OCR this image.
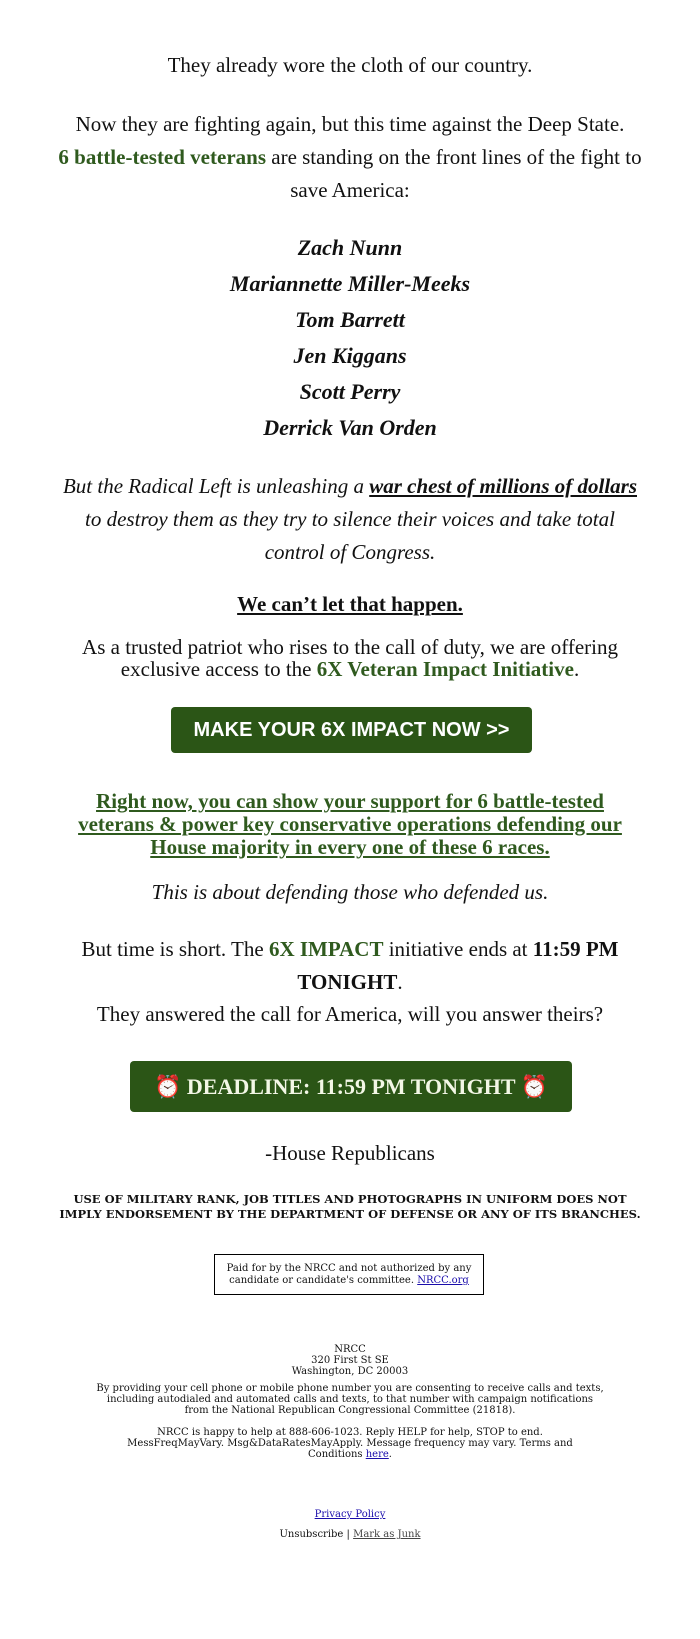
They already wore the cloth of our country.
Now they are fighting again, but this time against the Deep State.
6 battle-tested veterans are standing on the front lines of the fight to save America:
Zach Nunn
Mariannette Miller-Meeks
Tom Barrett
Jen Kiggans
Scott Perry
Derrick Van Orden
But the Radical Left is unleashing a war chest of millions of dollars to destroy them as they try to silence their voices and take total control of Congress.
We can’t let that happen.
As a trusted patriot who rises to the call of duty, we are offering exclusive access to the 6X Veteran Impact Initiative.
MAKE YOUR 6X IMPACT NOW >>
Right now, you can show your support for 6 battle-tested veterans & power key conservative operations defending our House majority in every one of these 6 races.
This is about defending those who defended us.
But time is short. The 6X IMPACT initiative ends at 11:59 PM TONIGHT.
They answered the call for America, will you answer theirs?
⏰ DEADLINE: 11:59 PM TONIGHT ⏰
-House Republicans
USE OF MILITARY RANK, JOB TITLES AND PHOTOGRAPHS IN UNIFORM DOES NOT IMPLY ENDORSEMENT BY THE DEPARTMENT OF DEFENSE OR ANY OF ITS BRANCHES.
Paid for by the NRCC and not authorized by any candidate or candidate's committee. NRCC.org
NRCC
320 First St SE
Washington, DC 20003
By providing your cell phone or mobile phone number you are consenting to receive calls and texts, including autodialed and automated calls and texts, to that number with campaign notifications from the National Republican Congressional Committee (21818).
NRCC is happy to help at 888-606-1023. Reply HELP for help, STOP to end. MessFreqMayVary. Msg&DataRatesMayApply. Message frequency may vary. Terms and Conditions here.
Privacy Policy
Unsubscribe | Mark as Junk
